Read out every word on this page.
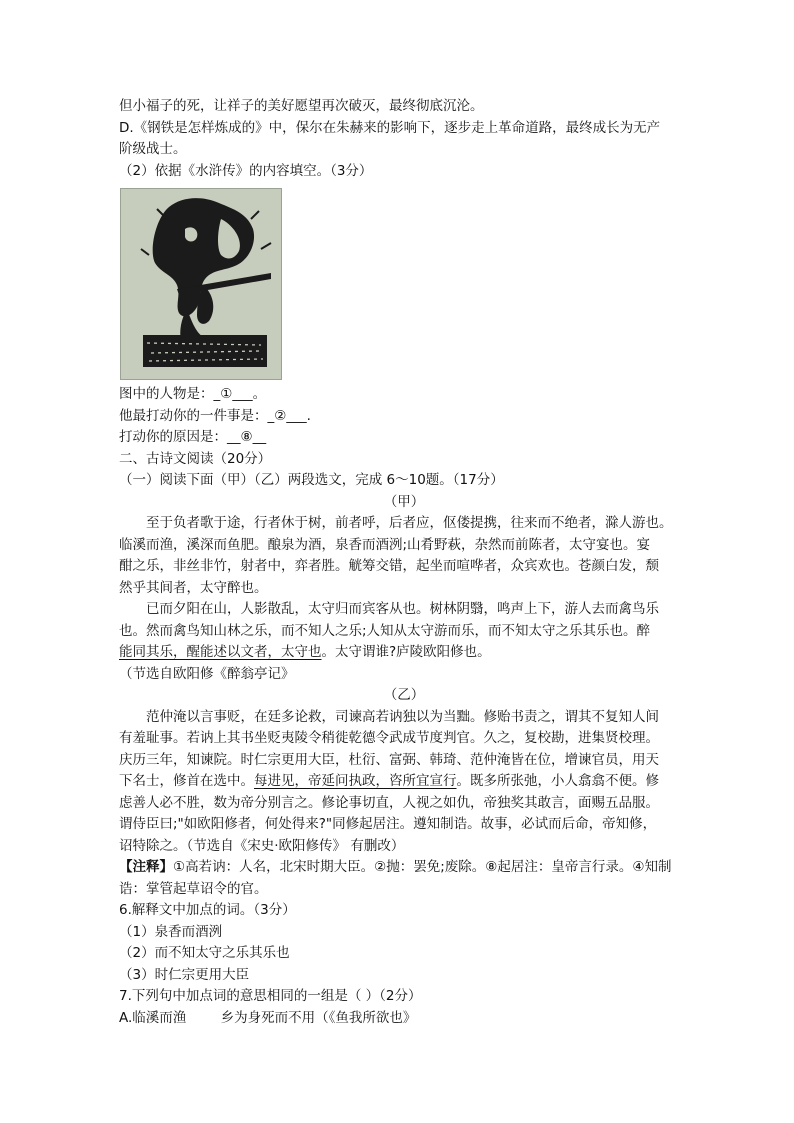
但小福子的死，让祥子的美好愿望再次破灭，最终彻底沉沦。
D.《钢铁是怎样炼成的》中，保尔在朱赫来的影响下，逐步走上革命道路，最终成长为无产
阶级战士。
（2）依据《水浒传》的内容填空。（3分）
图中的人物是：_①___。
他最打动你的一件事是：_②___.
打动你的原因是：__⑧__
二、古诗文阅读（20分）
（一）阅读下面（甲）（乙）两段选文，完成 6～10题。（17分）
（甲）
至于负者歌于途，行者休于树，前者呼，后者应，伛偻提携，往来而不绝者，滁人游也。
临溪而渔，溪深而鱼肥。酿泉为酒，泉香而酒洌;山肴野萩，杂然而前陈者，太守宴也。宴
酣之乐，非丝非竹，射者中，弈者胜。觥筹交错，起坐而喧哗者，众宾欢也。苍颜白发，颓
然乎其间者，太守醉也。
已而夕阳在山，人影散乱，太守归而宾客从也。树林阴翳，鸣声上下，游人去而禽鸟乐
也。然而禽鸟知山林之乐，而不知人之乐;人知从太守游而乐，而不知太守之乐其乐也。醉
能同其乐，醒能述以文者，太守也。太守谓谁?庐陵欧阳修也。
（节选自欧阳修《醉翁亭记》
（乙）
范仲淹以言事贬，在廷多论救，司谏高若讷独以为当黜。修贻书责之，谓其不复知人间
有羞耻事。若讷上其书坐贬夷陵令稍徙乾德令武成节度判官。久之，复校勘，进集贤校理。
庆历三年，知谏院。时仁宗更用大臣，杜衍、富弼、韩琦、范仲淹皆在位，增谏官员，用天
下名士，修首在选中。每进见，帝延问执政，咨所宜宣行。既多所张弛，小人翕翕不便。修
虑善人必不胜，数为帝分别言之。修论事切直，人视之如仇，帝独奖其敢言，面赐五品服。
谓侍臣曰;"如欧阳修者，何处得来?"同修起居注。遵知制诰。故事，必试而后命，帝知修，
诏特除之。（节选自《宋史·欧阳修传》 有删改）
【注释】①高若讷：人名，北宋时期大臣。②抛：罢免;废除。⑧起居注：皇帝言行录。④知制
诰：掌管起草诏令的官。
6.解释文中加点的词。（3分）
（1）泉香而酒洌
（2）而不知太守之乐其乐也
（3）时仁宗更用大臣
7.下列句中加点词的意思相同的一组是（ ）（2分）
A.临溪而渔        乡为身死而不用（《鱼我所欲也》
